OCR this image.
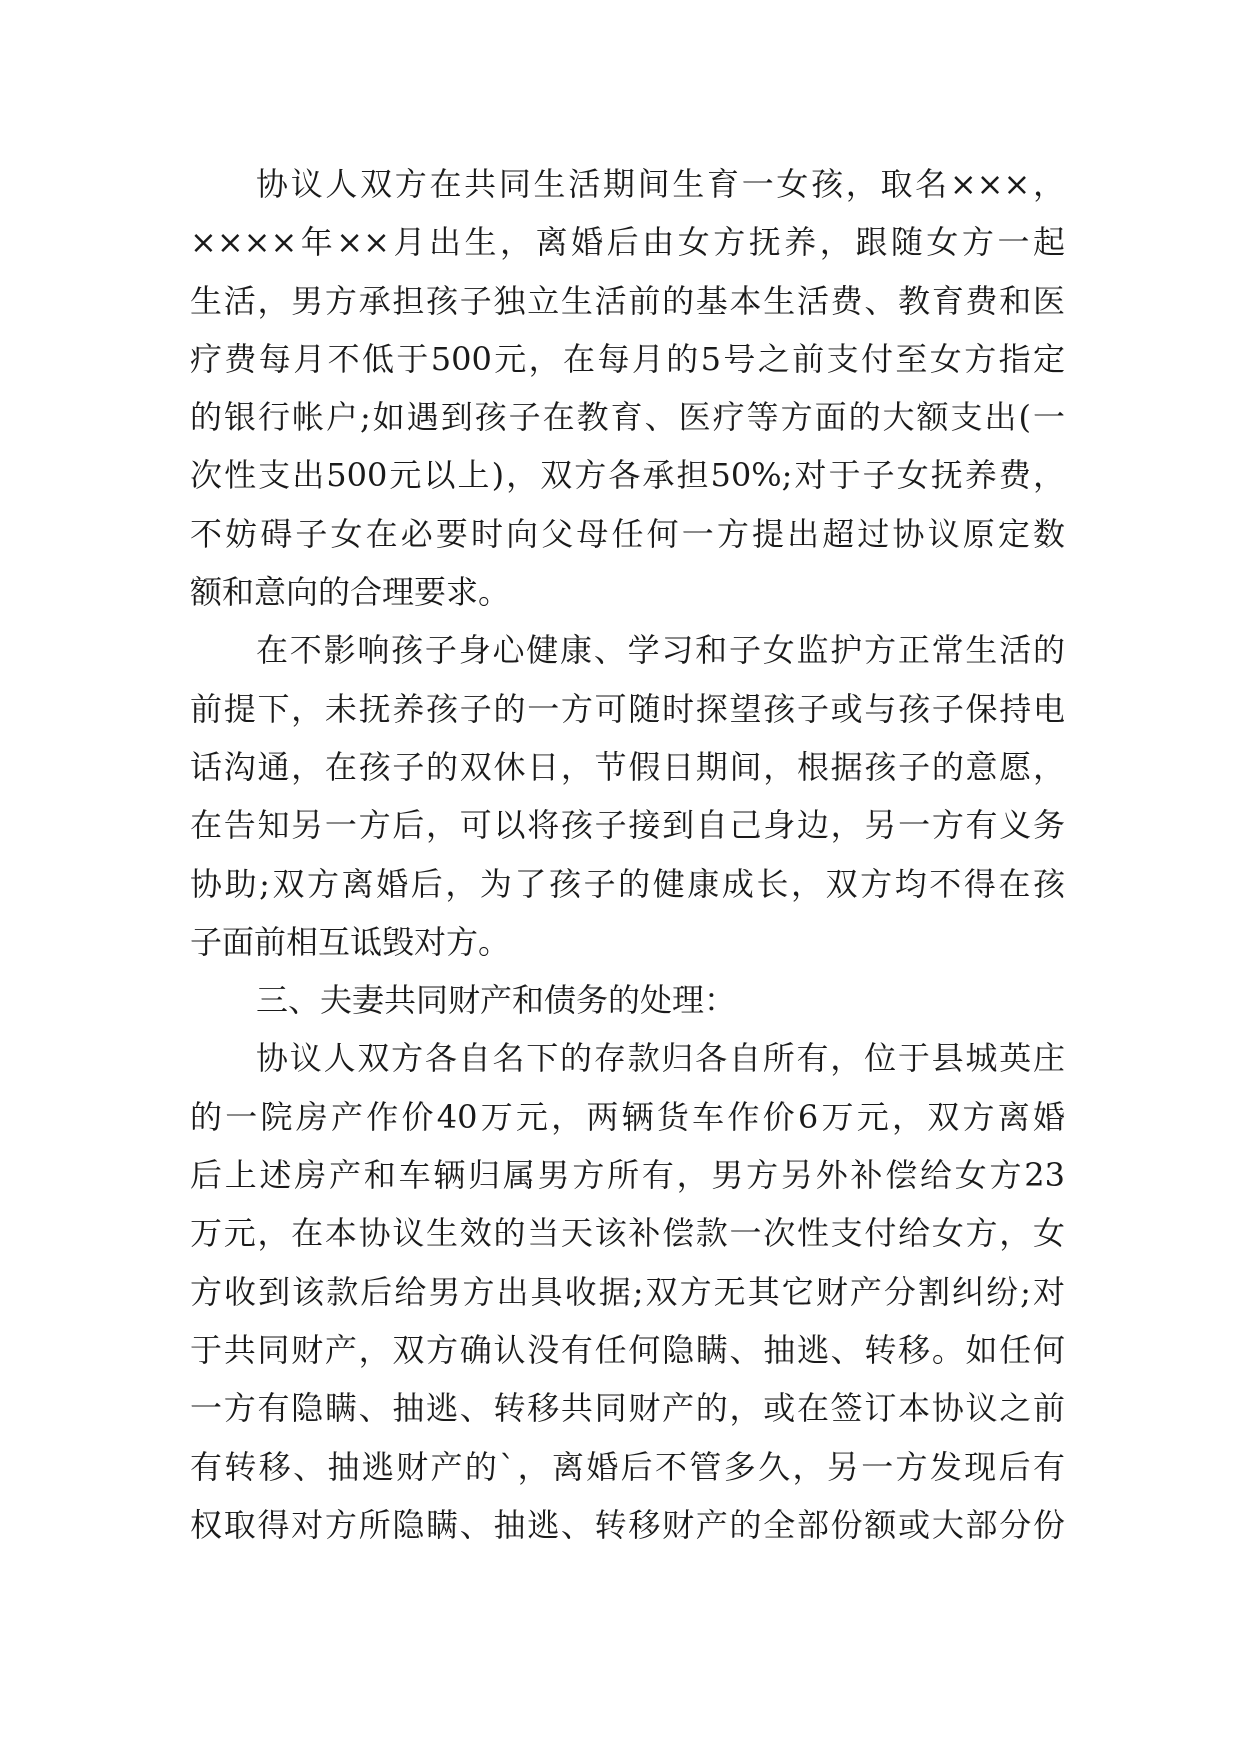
协议人双方在共同生活期间生育一女孩，取名×××，
××××年××月出生，离婚后由女方抚养，跟随女方一起
生活，男方承担孩子独立生活前的基本生活费、教育费和医
疗费每月不低于500元，在每月的5号之前支付至女方指定
的银行帐户;如遇到孩子在教育、医疗等方面的大额支出(一
次性支出500元以上)，双方各承担50%;对于子女抚养费，
不妨碍子女在必要时向父母任何一方提出超过协议原定数
额和意向的合理要求。
在不影响孩子身心健康、学习和子女监护方正常生活的
前提下，未抚养孩子的一方可随时探望孩子或与孩子保持电
话沟通，在孩子的双休日，节假日期间，根据孩子的意愿，
在告知另一方后，可以将孩子接到自己身边，另一方有义务
协助;双方离婚后，为了孩子的健康成长，双方均不得在孩
子面前相互诋毁对方。
三、夫妻共同财产和债务的处理：
协议人双方各自名下的存款归各自所有，位于县城英庄
的一院房产作价40万元，两辆货车作价6万元，双方离婚
后上述房产和车辆归属男方所有，男方另外补偿给女方23
万元，在本协议生效的当天该补偿款一次性支付给女方，女
方收到该款后给男方出具收据;双方无其它财产分割纠纷;对
于共同财产，双方确认没有任何隐瞒、抽逃、转移。如任何
一方有隐瞒、抽逃、转移共同财产的，或在签订本协议之前
有转移、抽逃财产的`，离婚后不管多久，另一方发现后有
权取得对方所隐瞒、抽逃、转移财产的全部份额或大部分份
